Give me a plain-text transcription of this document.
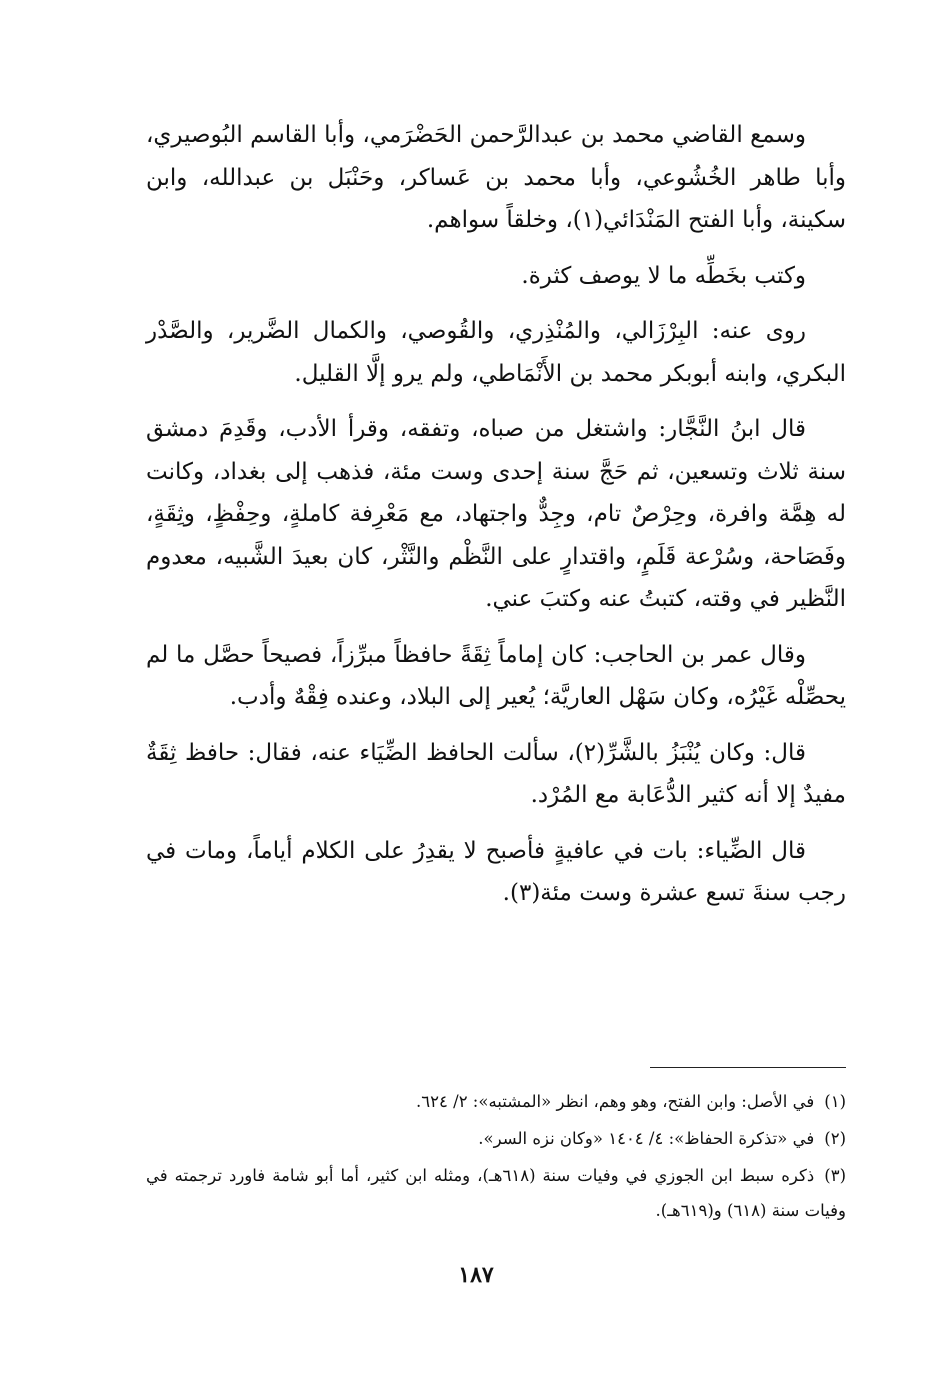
وسمع القاضي محمد بن عبدالرَّحمن الحَضْرَمي، وأبا القاسم البُوصيري، وأبا طاهر الخُشُوعي، وأبا محمد بن عَساكر، وحَنْبَل بن عبدالله، وابن سكينة، وأبا الفتح المَنْدَائي(١)، وخلقاً سواهم.

وكتب بخَطِّه ما لا يوصف كثرة.

روى عنه: البِرْزَالي، والمُنْذِري، والقُوصي، والكمال الضَّرير، والصَّدْر البكري، وابنه أبوبكر محمد بن الأَنْمَاطي، ولم يرو إلَّا القليل.

قال ابنُ النَّجَّار: واشتغل من صباه، وتفقه، وقرأ الأدب، وقَدِمَ دمشق سنة ثلاث وتسعين، ثم حَجَّ سنة إحدى وست مئة، فذهب إلى بغداد، وكانت له هِمَّة وافرة، وحِرْصٌ تام، وجِدٌّ واجتهاد، مع مَعْرِفة كاملةٍ، وحِفْظٍ، وثِقَةٍ، وفَصَاحة، وسُرْعة قَلَمٍ، واقتدارٍ على النَّظْم والنَّثْر، كان بعيدَ الشَّبيه، معدوم النَّظير في وقته، كتبتُ عنه وكتبَ عني.

وقال عمر بن الحاجب: كان إماماً ثِقَةً حافظاً مبرِّزاً، فصيحاً حصَّل ما لم يحصِّلْه غَيْرُه، وكان سَهْل العاريَّة؛ يُعير إلى البلاد، وعنده فِقْهٌ وأدب.

قال: وكان يُنْبَزُ بالشَّرِّ(٢)، سألت الحافظ الضِّيَاء عنه، فقال: حافظ ثِقَةٌ مفيدٌ إلا أنه كثير الدُّعَابة مع المُرْد.

قال الضِّياء: بات في عافيةٍ فأصبح لا يقدِرُ على الكلام أياماً، ومات في رجب سنةَ تسع عشرة وست مئة(٣).

(١)في الأصل: وابن الفتح، وهو وهم، انظر «المشتبه»: ٢/ ٦٢٤.

(٢)في «تذكرة الحفاظ»: ٤/ ١٤٠٤ «وكان نزه السر».

(٣)ذكره سبط ابن الجوزي في وفيات سنة (٦١٨هـ)، ومثله ابن كثير، أما أبو شامة فاورد ترجمته في وفيات سنة (٦١٨) و(٦١٩هـ).

١٨٧
